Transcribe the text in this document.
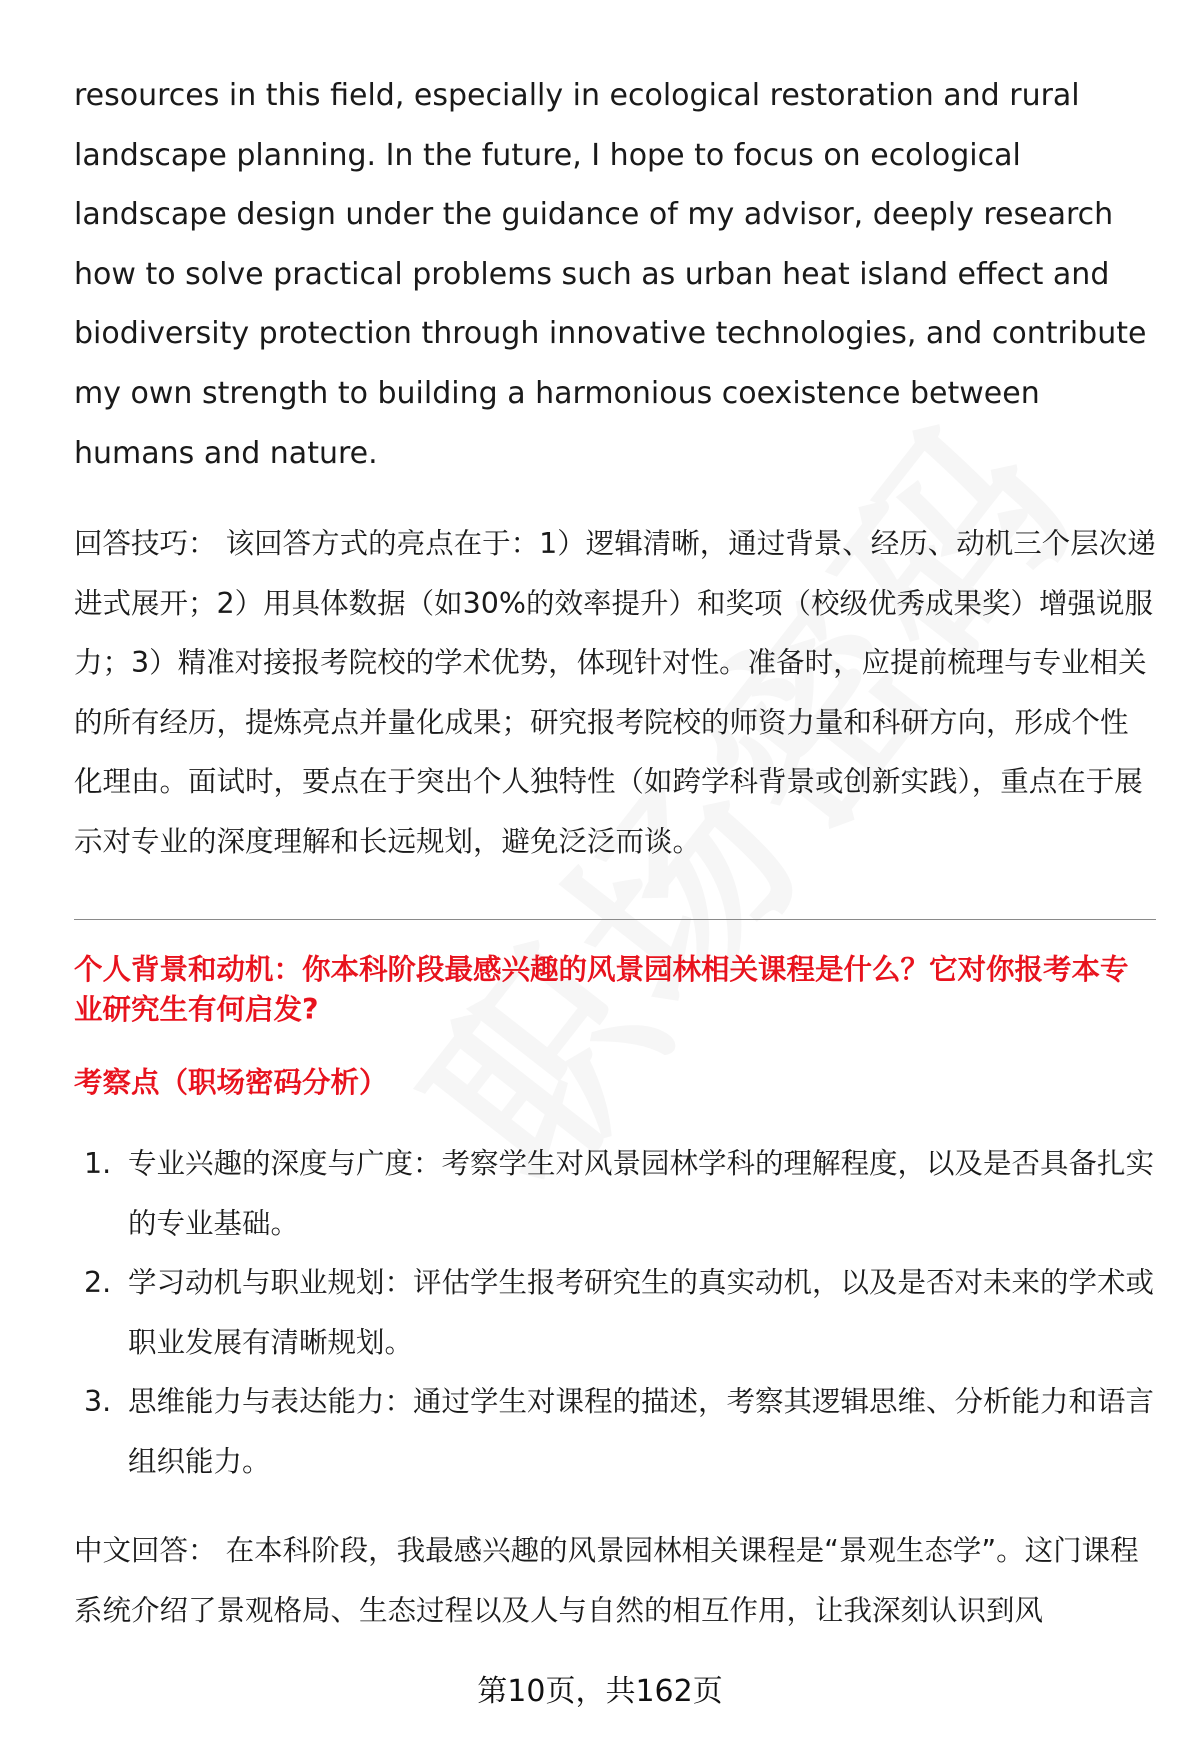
resources in this field, especially in ecological restoration and rural landscape planning. In the future, I hope to focus on ecological landscape design under the guidance of my advisor, deeply research how to solve practical problems such as urban heat island effect and biodiversity protection through innovative technologies, and contribute my own strength to building a harmonious coexistence between humans and nature.

回答技巧： 该回答方式的亮点在于：1）逻辑清晰，通过背景、经历、动机三个层次递进式展开；2）用具体数据（如30%的效率提升）和奖项（校级优秀成果奖）增强说服力；3）精准对接报考院校的学术优势，体现针对性。准备时，应提前梳理与专业相关的所有经历，提炼亮点并量化成果；研究报考院校的师资力量和科研方向，形成个性化理由。面试时，要点在于突出个人独特性（如跨学科背景或创新实践），重点在于展示对专业的深度理解和长远规划，避免泛泛而谈。

个人背景和动机：你本科阶段最感兴趣的风景园林相关课程是什么？它对你报考本专业研究生有何启发?

考察点（职场密码分析）

1. 专业兴趣的深度与广度：考察学生对风景园林学科的理解程度，以及是否具备扎实的专业基础。
2. 学习动机与职业规划：评估学生报考研究生的真实动机，以及是否对未来的学术或职业发展有清晰规划。
3. 思维能力与表达能力：通过学生对课程的描述，考察其逻辑思维、分析能力和语言组织能力。

中文回答： 在本科阶段，我最感兴趣的风景园林相关课程是“景观生态学”。这门课程系统介绍了景观格局、生态过程以及人与自然的相互作用，让我深刻认识到风

第10页，共162页
